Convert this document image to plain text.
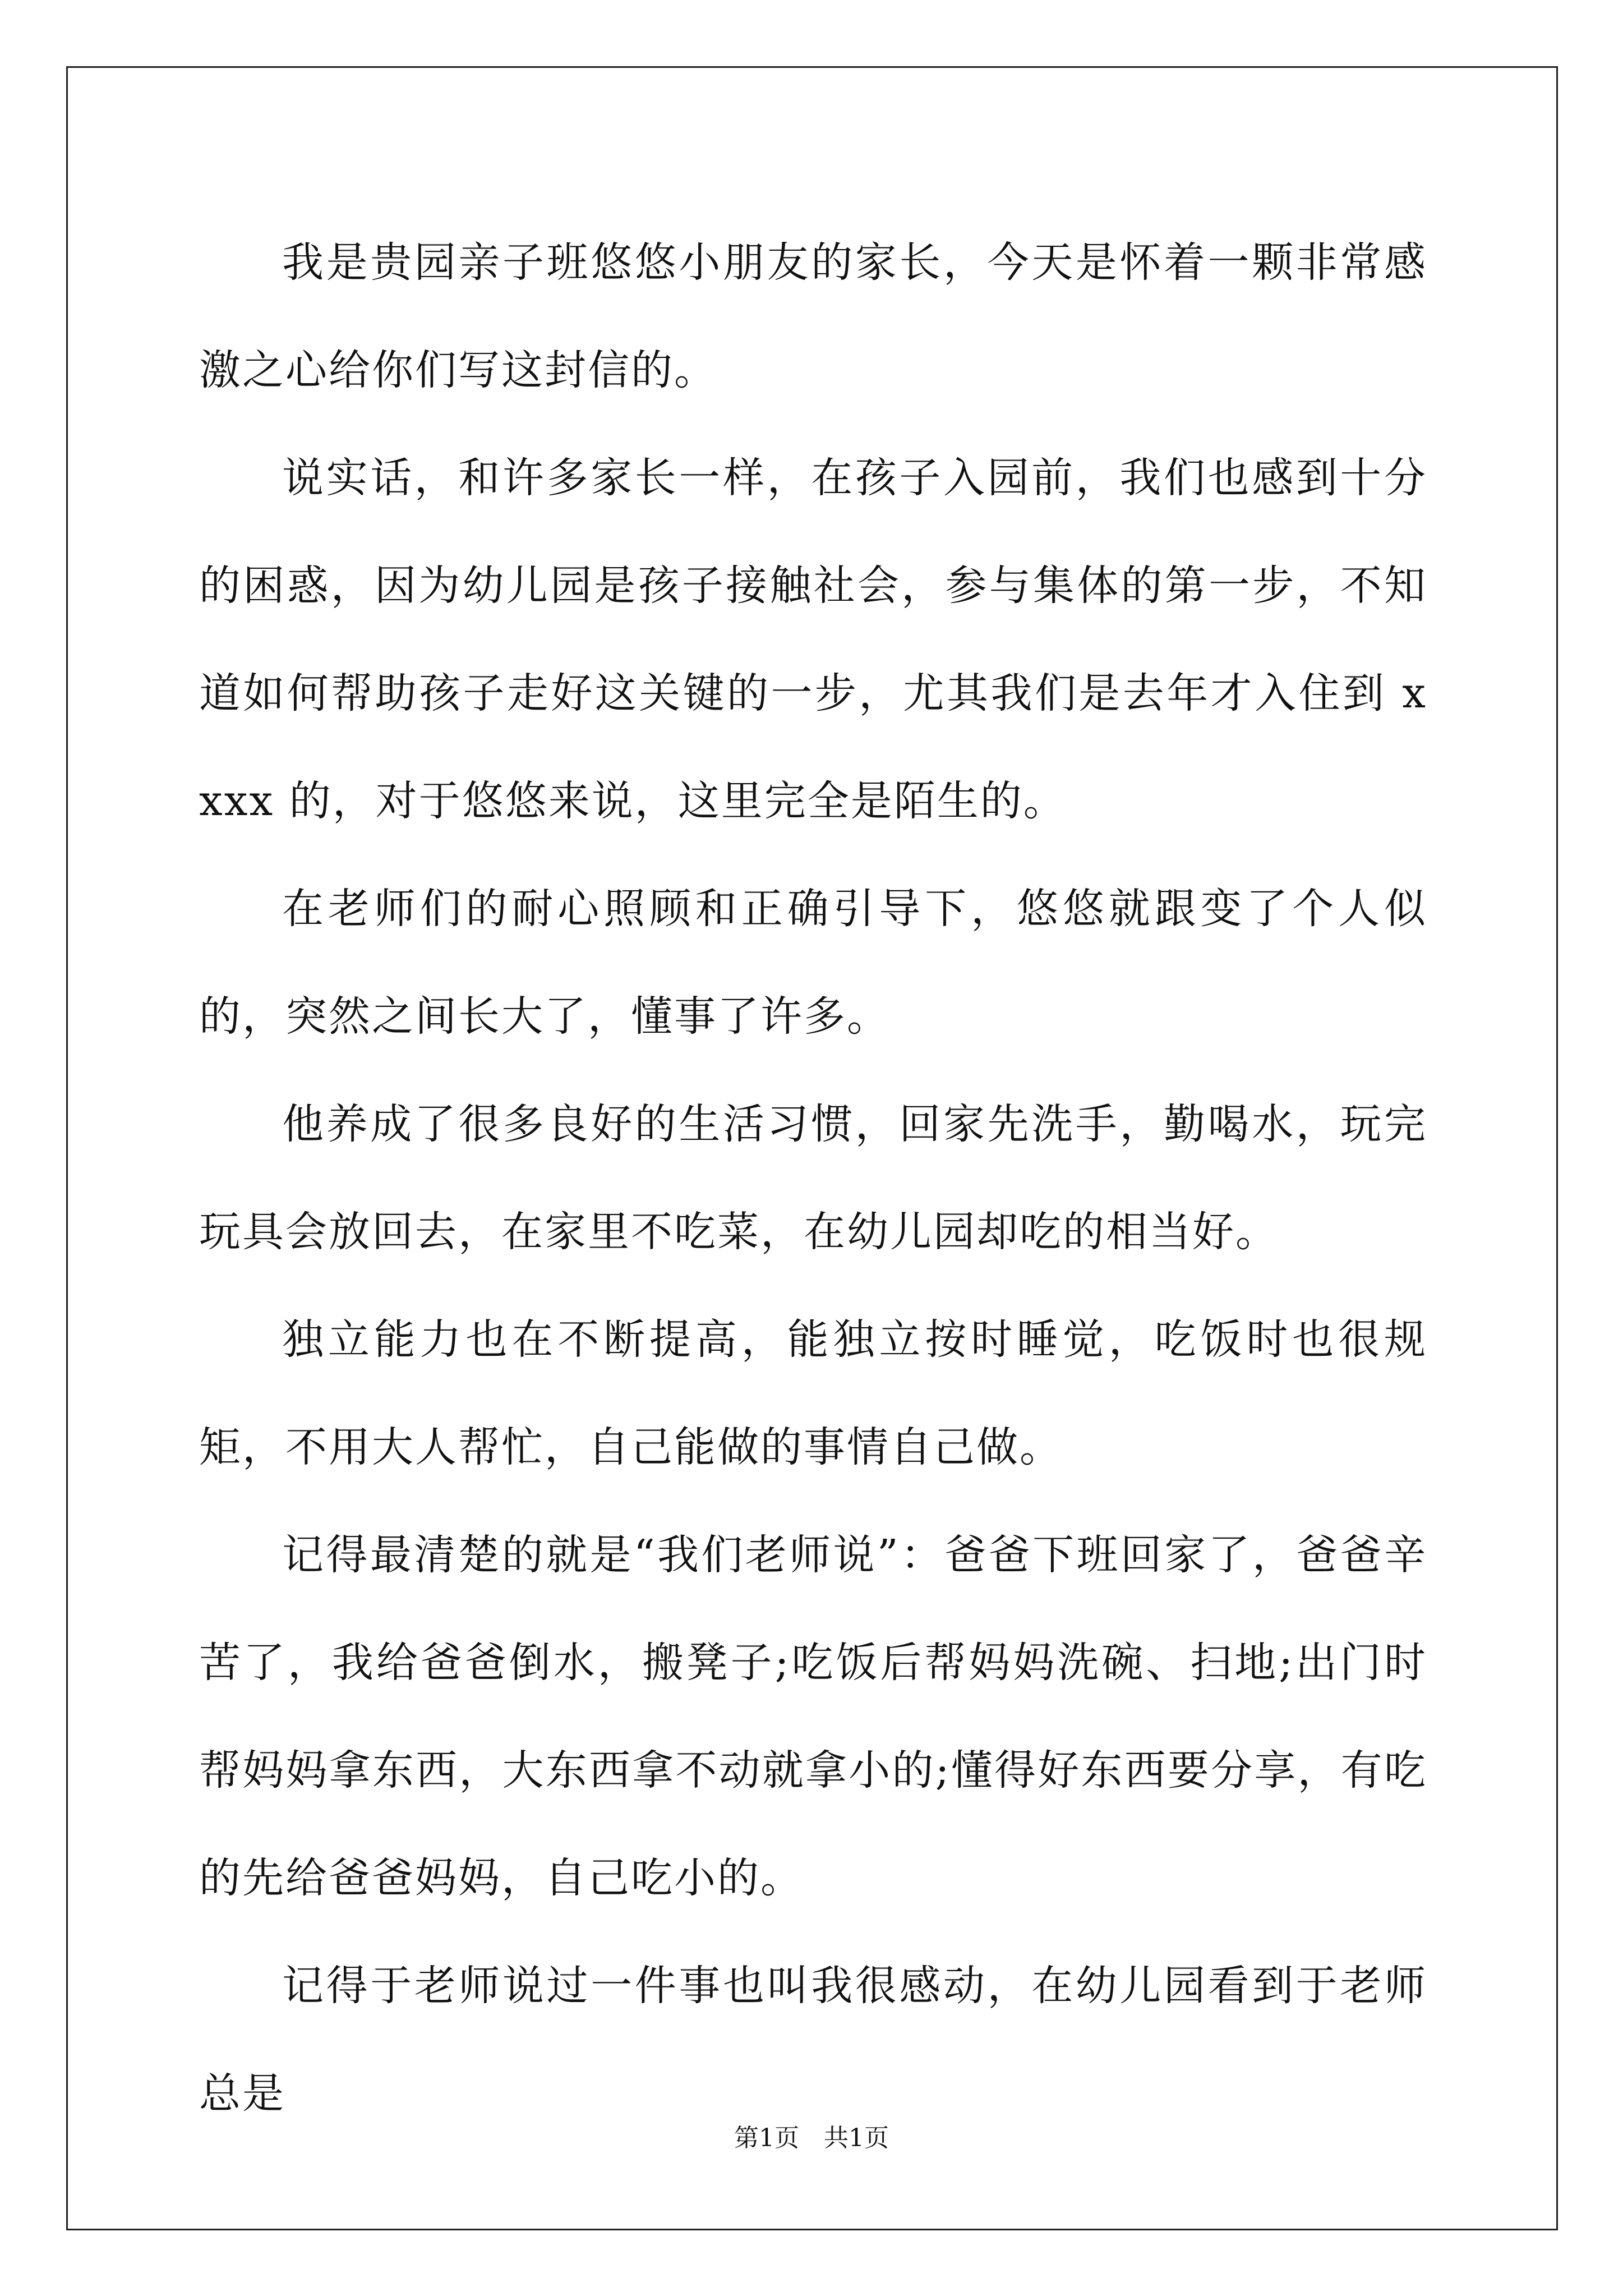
我是贵园亲子班悠悠小朋友的家长，今天是怀着一颗非常感激之心给你们写这封信的。

说实话，和许多家长一样，在孩子入园前，我们也感到十分的困惑，因为幼儿园是孩子接触社会，参与集体的第一步，不知道如何帮助孩子走好这关键的一步，尤其我们是去年才入住到 xxxx 的，对于悠悠来说，这里完全是陌生的。

在老师们的耐心照顾和正确引导下，悠悠就跟变了个人似的，突然之间长大了，懂事了许多。

他养成了很多良好的生活习惯，回家先洗手，勤喝水，玩完玩具会放回去，在家里不吃菜，在幼儿园却吃的相当好。

独立能力也在不断提高，能独立按时睡觉，吃饭时也很规矩，不用大人帮忙，自己能做的事情自己做。

记得最清楚的就是“我们老师说”：爸爸下班回家了，爸爸辛苦了，我给爸爸倒水，搬凳子;吃饭后帮妈妈洗碗、扫地;出门时帮妈妈拿东西，大东西拿不动就拿小的;懂得好东西要分享，有吃的先给爸爸妈妈，自己吃小的。

记得于老师说过一件事也叫我很感动，在幼儿园看到于老师总是

第1页 共1页
